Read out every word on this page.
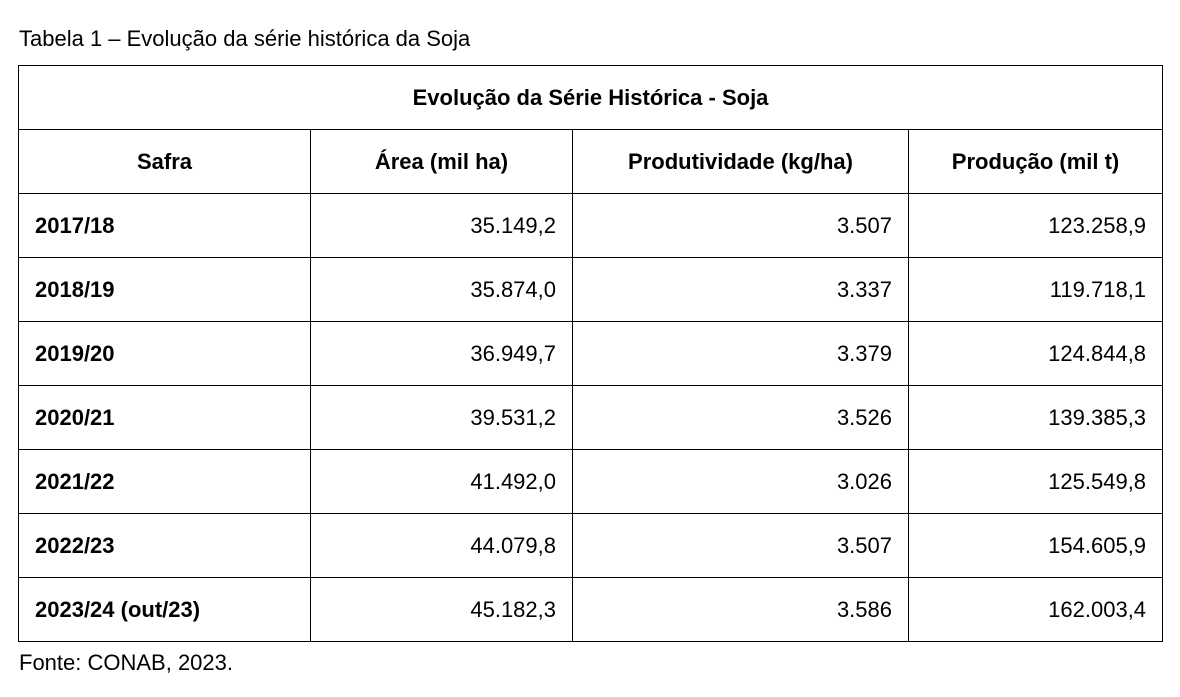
Tabela 1 – Evolução da série histórica da Soja
Evolução da Série Histórica - Soja			
Safra	Área (mil ha)	Produtividade (kg/ha)	Produção (mil t)
2017/18	35.149,2	3.507	123.258,9
2018/19	35.874,0	3.337	119.718,1
2019/20	36.949,7	3.379	124.844,8
2020/21	39.531,2	3.526	139.385,3
2021/22	41.492,0	3.026	125.549,8
2022/23	44.079,8	3.507	154.605,9
2023/24 (out/23)	45.182,3	3.586	162.003,4
Fonte: CONAB, 2023.
